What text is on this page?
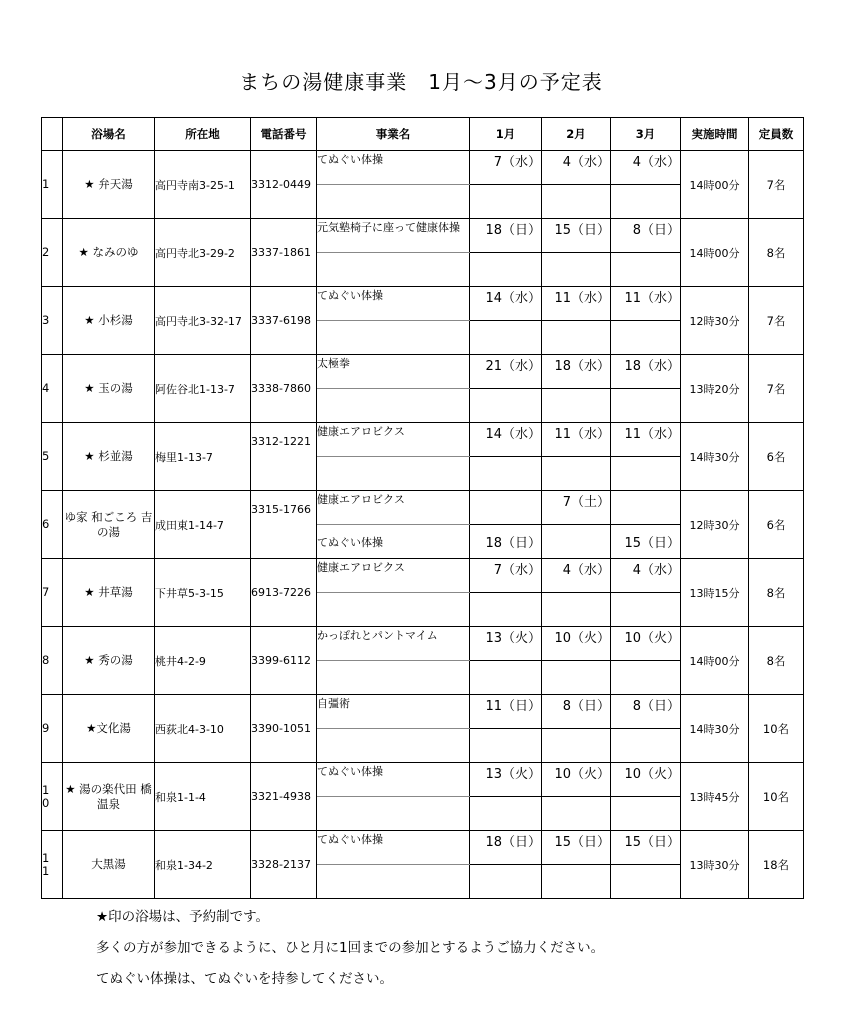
まちの湯健康事業　1月～3月の予定表
	浴場名	所在地	電話番号	事業名	1月	2月	3月	実施時間	定員数
1	★ 弁天湯	高円寺南3-25-1	3312-0449	てぬぐい体操	7（水）	4（水）	4（水）	14時00分	7名

2	★ なみのゆ	高円寺北3-29-2	3337-1861	元気塾椅子に座って健康体操	18（日）	15（日）	8（日）	14時00分	8名

3	★ 小杉湯	高円寺北3-32-17	3337-6198	てぬぐい体操	14（水）	11（水）	11（水）	12時30分	7名

4	★ 玉の湯	阿佐谷北1-13-7	3338-7860	太極拳	21（水）	18（水）	18（水）	13時20分	7名

5	★ 杉並湯	梅里1-13-7	3312-1221	健康エアロビクス	14（水）	11（水）	11（水）	14時30分	6名

6	ゆ家 和ごころ 吉の湯	成田東1-14-7	3315-1766	健康エアロビクス		7（土）		12時30分	6名
				てぬぐい体操	18（日）		15（日）		
7	★ 井草湯	下井草5-3-15	6913-7226	健康エアロビクス	7（水）	4（水）	4（水）	13時15分	8名

8	★ 秀の湯	桃井4-2-9	3399-6112	かっぽれとパントマイム	13（火）	10（火）	10（火）	14時00分	8名

9	★文化湯	西荻北4-3-10	3390-1051	自彊術	11（日）	8（日）	8（日）	14時30分	10名

10	★ 湯の楽代田 橋温泉	和泉1-1-4	3321-4938	てぬぐい体操	13（火）	10（火）	10（火）	13時45分	10名

11	大黒湯	和泉1-34-2	3328-2137	てぬぐい体操	18（日）	15（日）	15（日）	13時30分	18名

★印の浴場は、予約制です。
多くの方が参加できるように、ひと月に1回までの参加とするようご協力ください。
てぬぐい体操は、てぬぐいを持参してください。
